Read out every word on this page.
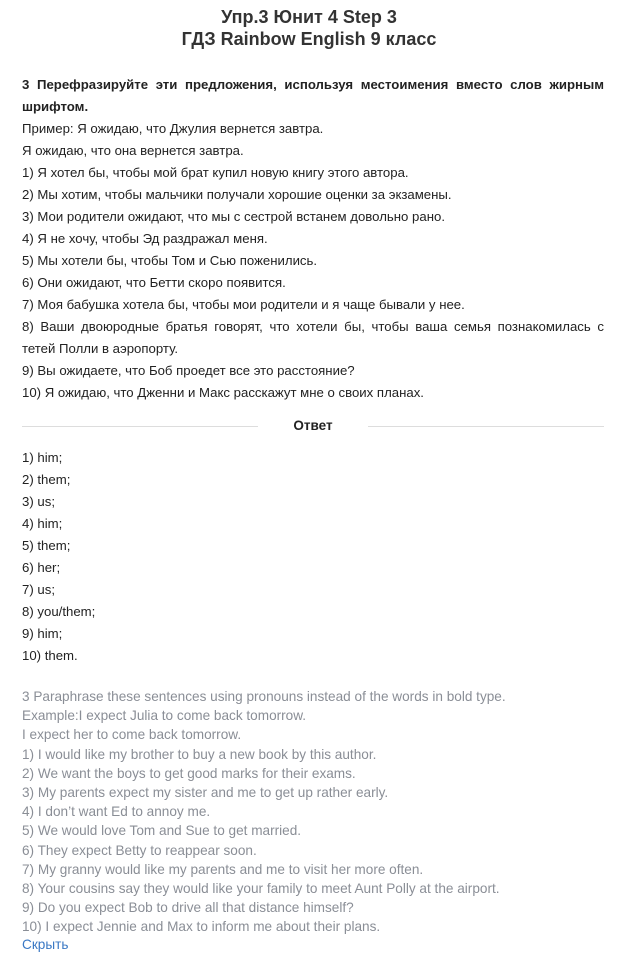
Упр.3 Юнит 4 Step 3
ГДЗ Rainbow English 9 класс
3 Перефразируйте эти предложения, используя местоимения вместо слов жирным шрифтом.
Пример: Я ожидаю, что Джулия вернется завтра.
Я ожидаю, что она вернется завтра.
1) Я хотел бы, чтобы мой брат купил новую книгу этого автора.
2) Мы хотим, чтобы мальчики получали хорошие оценки за экзамены.
3) Мои родители ожидают, что мы с сестрой встанем довольно рано.
4) Я не хочу, чтобы Эд раздражал меня.
5) Мы хотели бы, чтобы Том и Сью поженились.
6) Они ожидают, что Бетти скоро появится.
7) Моя бабушка хотела бы, чтобы мои родители и я чаще бывали у нее.
8) Ваши двоюродные братья говорят, что хотели бы, чтобы ваша семья познакомилась с тетей Полли в аэропорту.
9) Вы ожидаете, что Боб проедет все это расстояние?
10) Я ожидаю, что Дженни и Макс расскажут мне о своих планах.
Ответ
1) him;
2) them;
3) us;
4) him;
5) them;
6) her;
7) us;
8) you/them;
9) him;
10) them.
3 Paraphrase these sentences using pronouns instead of the words in bold type.
Example:I expect Julia to come back tomorrow.
I expect her to come back tomorrow.
1) I would like my brother to buy a new book by this author.
2) We want the boys to get good marks for their exams.
3) My parents expect my sister and me to get up rather early.
4) I don’t want Ed to annoy me.
5) We would love Tom and Sue to get married.
6) They expect Betty to reappear soon.
7) My granny would like my parents and me to visit her more often.
8) Your cousins say they would like your family to meet Aunt Polly at the airport.
9) Do you expect Bob to drive all that distance himself?
10) I expect Jennie and Max to inform me about their plans.
Скрыть
